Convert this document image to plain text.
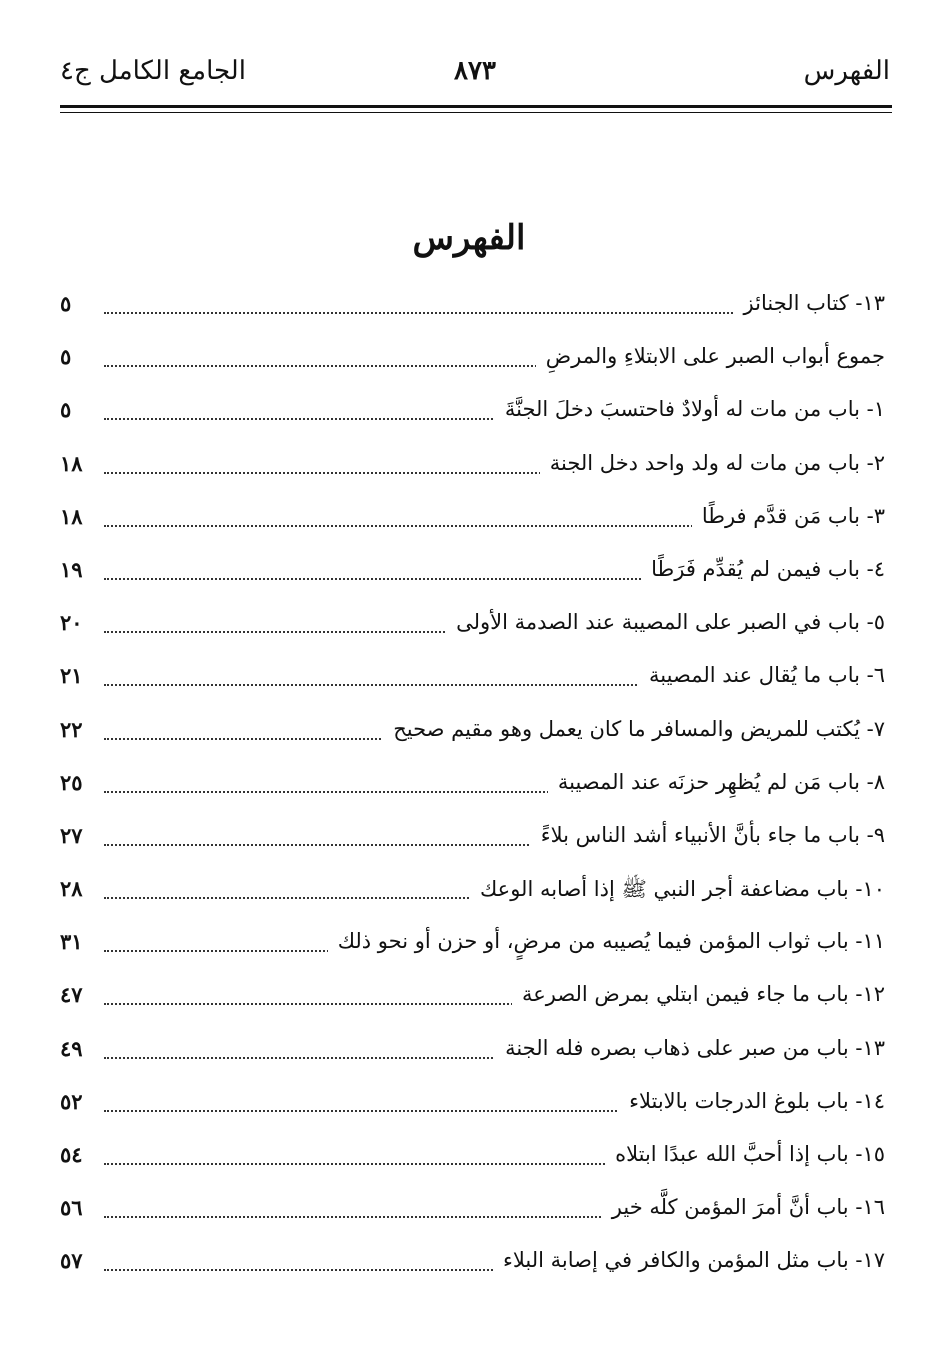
الفهرس
٨٧٣
الجامع الكامل ج٤
الفهرس
١٣- كتاب الجنائز
٥
جموع أبواب الصبر على الابتلاءِ والمرضِ
٥
١- باب من مات له أولادٌ فاحتسبَ دخلَ الجنَّةَ
٥
٢- باب من مات له ولد واحد دخل الجنة
١٨
٣- باب مَن قدَّم فرطًا
١٨
٤- باب فيمن لم يُقدِّم فَرَطًا
١٩
٥- باب في الصبر على المصيبة عند الصدمة الأولى
٢٠
٦- باب ما يُقال عند المصيبة
٢١
٧- يُكتب للمريض والمسافر ما كان يعمل وهو مقيم صحيح
٢٢
٨- باب مَن لم يُظهِر حزنَه عند المصيبة
٢٥
٩- باب ما جاء بأنَّ الأنبياء أشد الناس بلاءً
٢٧
١٠- باب مضاعفة أجر النبي ﷺ إذا أصابه الوعك
٢٨
١١- باب ثواب المؤمن فيما يُصيبه من مرضٍ، أو حزن أو نحو ذلك
٣١
١٢- باب ما جاء فيمن ابتلي بمرض الصرعة
٤٧
١٣- باب من صبر على ذهاب بصره فله الجنة
٤٩
١٤- باب بلوغ الدرجات بالابتلاء
٥٢
١٥- باب إذا أحبَّ الله عبدًا ابتلاه
٥٤
١٦- باب أنَّ أمرَ المؤمن كلَّه خير
٥٦
١٧- باب مثل المؤمن والكافر في إصابة البلاء
٥٧
